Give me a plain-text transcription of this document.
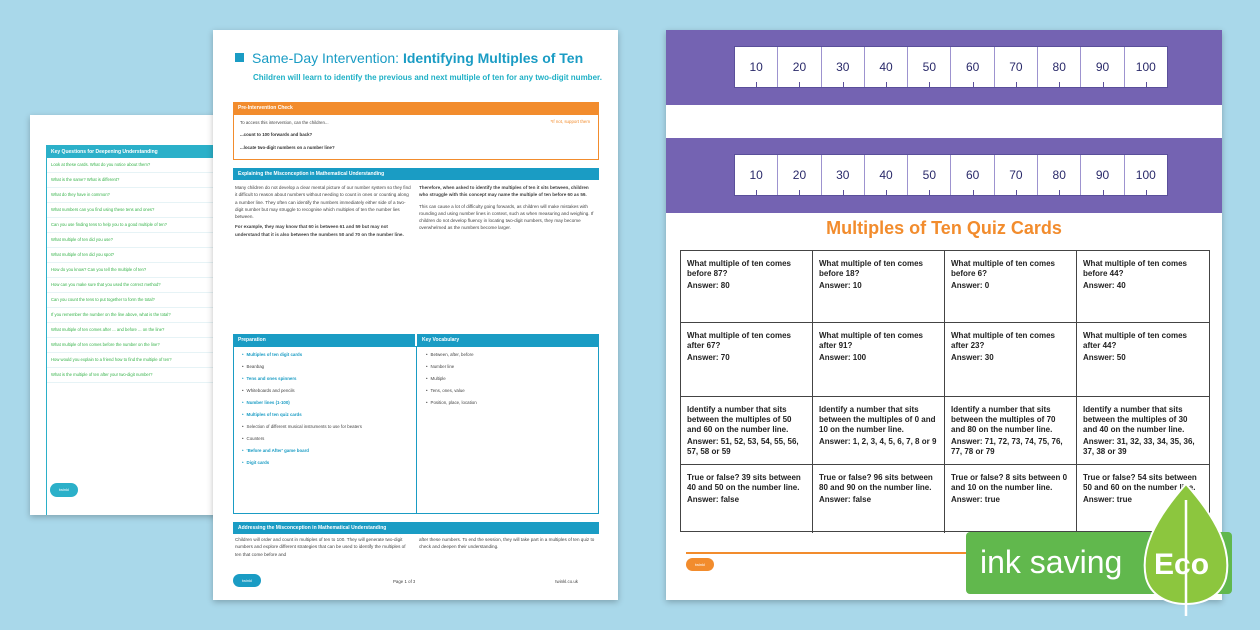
Key Questions for Deepening Understanding
Look at these cards. What do you notice about them?
What is the same? What is different?
What do they have in common?
What numbers can you find using these tens and ones?
Can you use finding tens to help you to a good multiple of ten?
What multiple of ten did you use?
What multiple of ten did you spot?
How do you know? Can you tell the multiple of ten?
How can you make sure that you used the correct method?
Can you count the tens to put together to form the total?
If you remember the number on the line above, what is the total?
What multiple of ten comes after ... and before ... on the line?
What multiple of ten comes before the number on the line?
How would you explain to a friend how to find the multiple of ten?
What is the multiple of ten after your two-digit number?
twinkl
Same-Day Intervention: Identifying Multiples of Ten
Children will learn to identify the previous and next multiple of ten for any two-digit number.
Pre-Intervention Check
To access this intervention, can the children...
...count to 100 forwards and back?
...locate two-digit numbers on a number line?
*If not, support them
Explaining the Misconception in Mathematical Understanding

Many children do not develop a clear mental picture of our number system so they find it difficult to reason about numbers without needing to count in ones or counting along a number line. They often can identify the numbers immediately either side of a two-digit number but may struggle to recognise which multiples of ten the number lies between.

For example, they may know that 60 is between 61 and 59 but may not understand that it is also between the numbers 50 and 70 on the number line.

Therefore, when asked to identify the multiples of ten it sits between, children who struggle with this concept may name the multiple of ten before 60 as 59.

This can cause a lot of difficulty going forwards, as children will make mistakes with rounding and using number lines in context, such as when measuring and weighing. If children do not develop fluency in locating two-digit numbers, they may become overwhelmed as the numbers become larger.

Preparation	Key Vocabulary
• Multiples of ten digit cards
• Beanbag
• Tens and ones spinners
• Whiteboards and pencils
• Number lines (1-100)
• Multiples of ten quiz cards
• Selection of different musical instruments to use for beaters
• Counters
• 'Before and After' game board
• Digit cards
• Between, after, before
• Number line
• Multiple
• Tens, ones, value
• Position, place, location
Addressing the Misconception in Mathematical Understanding
Children will order and count in multiples of ten to 100. They will generate two-digit numbers and explore different strategies that can be used to identify the multiples of ten that come before and
after these numbers. To end the session, they will take part in a multiples of ten quiz to check and deepen their understanding.
twinkl	Page 1 of 3	twinkl.co.uk
10	20	30	40	50	60	70	80	90	100
10	20	30	40	50	60	70	80	90	100
Multiples of Ten Quiz Cards
What multiple of ten comes before 87?
Answer: 80
What multiple of ten comes before 18?
Answer: 10
What multiple of ten comes before 6?
Answer: 0
What multiple of ten comes before 44?
Answer: 40
What multiple of ten comes after 67?
Answer: 70
What multiple of ten comes after 91?
Answer: 100
What multiple of ten comes after 23?
Answer: 30
What multiple of ten comes after 44?
Answer: 50
Identify a number that sits between the multiples of 50 and 60 on the number line.
Answer: 51, 52, 53, 54, 55, 56, 57, 58 or 59
Identify a number that sits between the multiples of 0 and 10 on the number line.
Answer: 1, 2, 3, 4, 5, 6, 7, 8 or 9
Identify a number that sits between the multiples of 70 and 80 on the number line.
Answer: 71, 72, 73, 74, 75, 76, 77, 78 or 79
Identify a number that sits between the multiples of 30 and 40 on the number line.
Answer: 31, 32, 33, 34, 35, 36, 37, 38 or 39
True or false? 39 sits between 40 and 50 on the number line.
Answer: false
True or false? 96 sits between 80 and 90 on the number line.
Answer: false
True or false? 8 sits between 0 and 10 on the number line.
Answer: true
True or false? 54 sits between 50 and 60 on the number line.
Answer: true
twinkl	ink saving Eco
